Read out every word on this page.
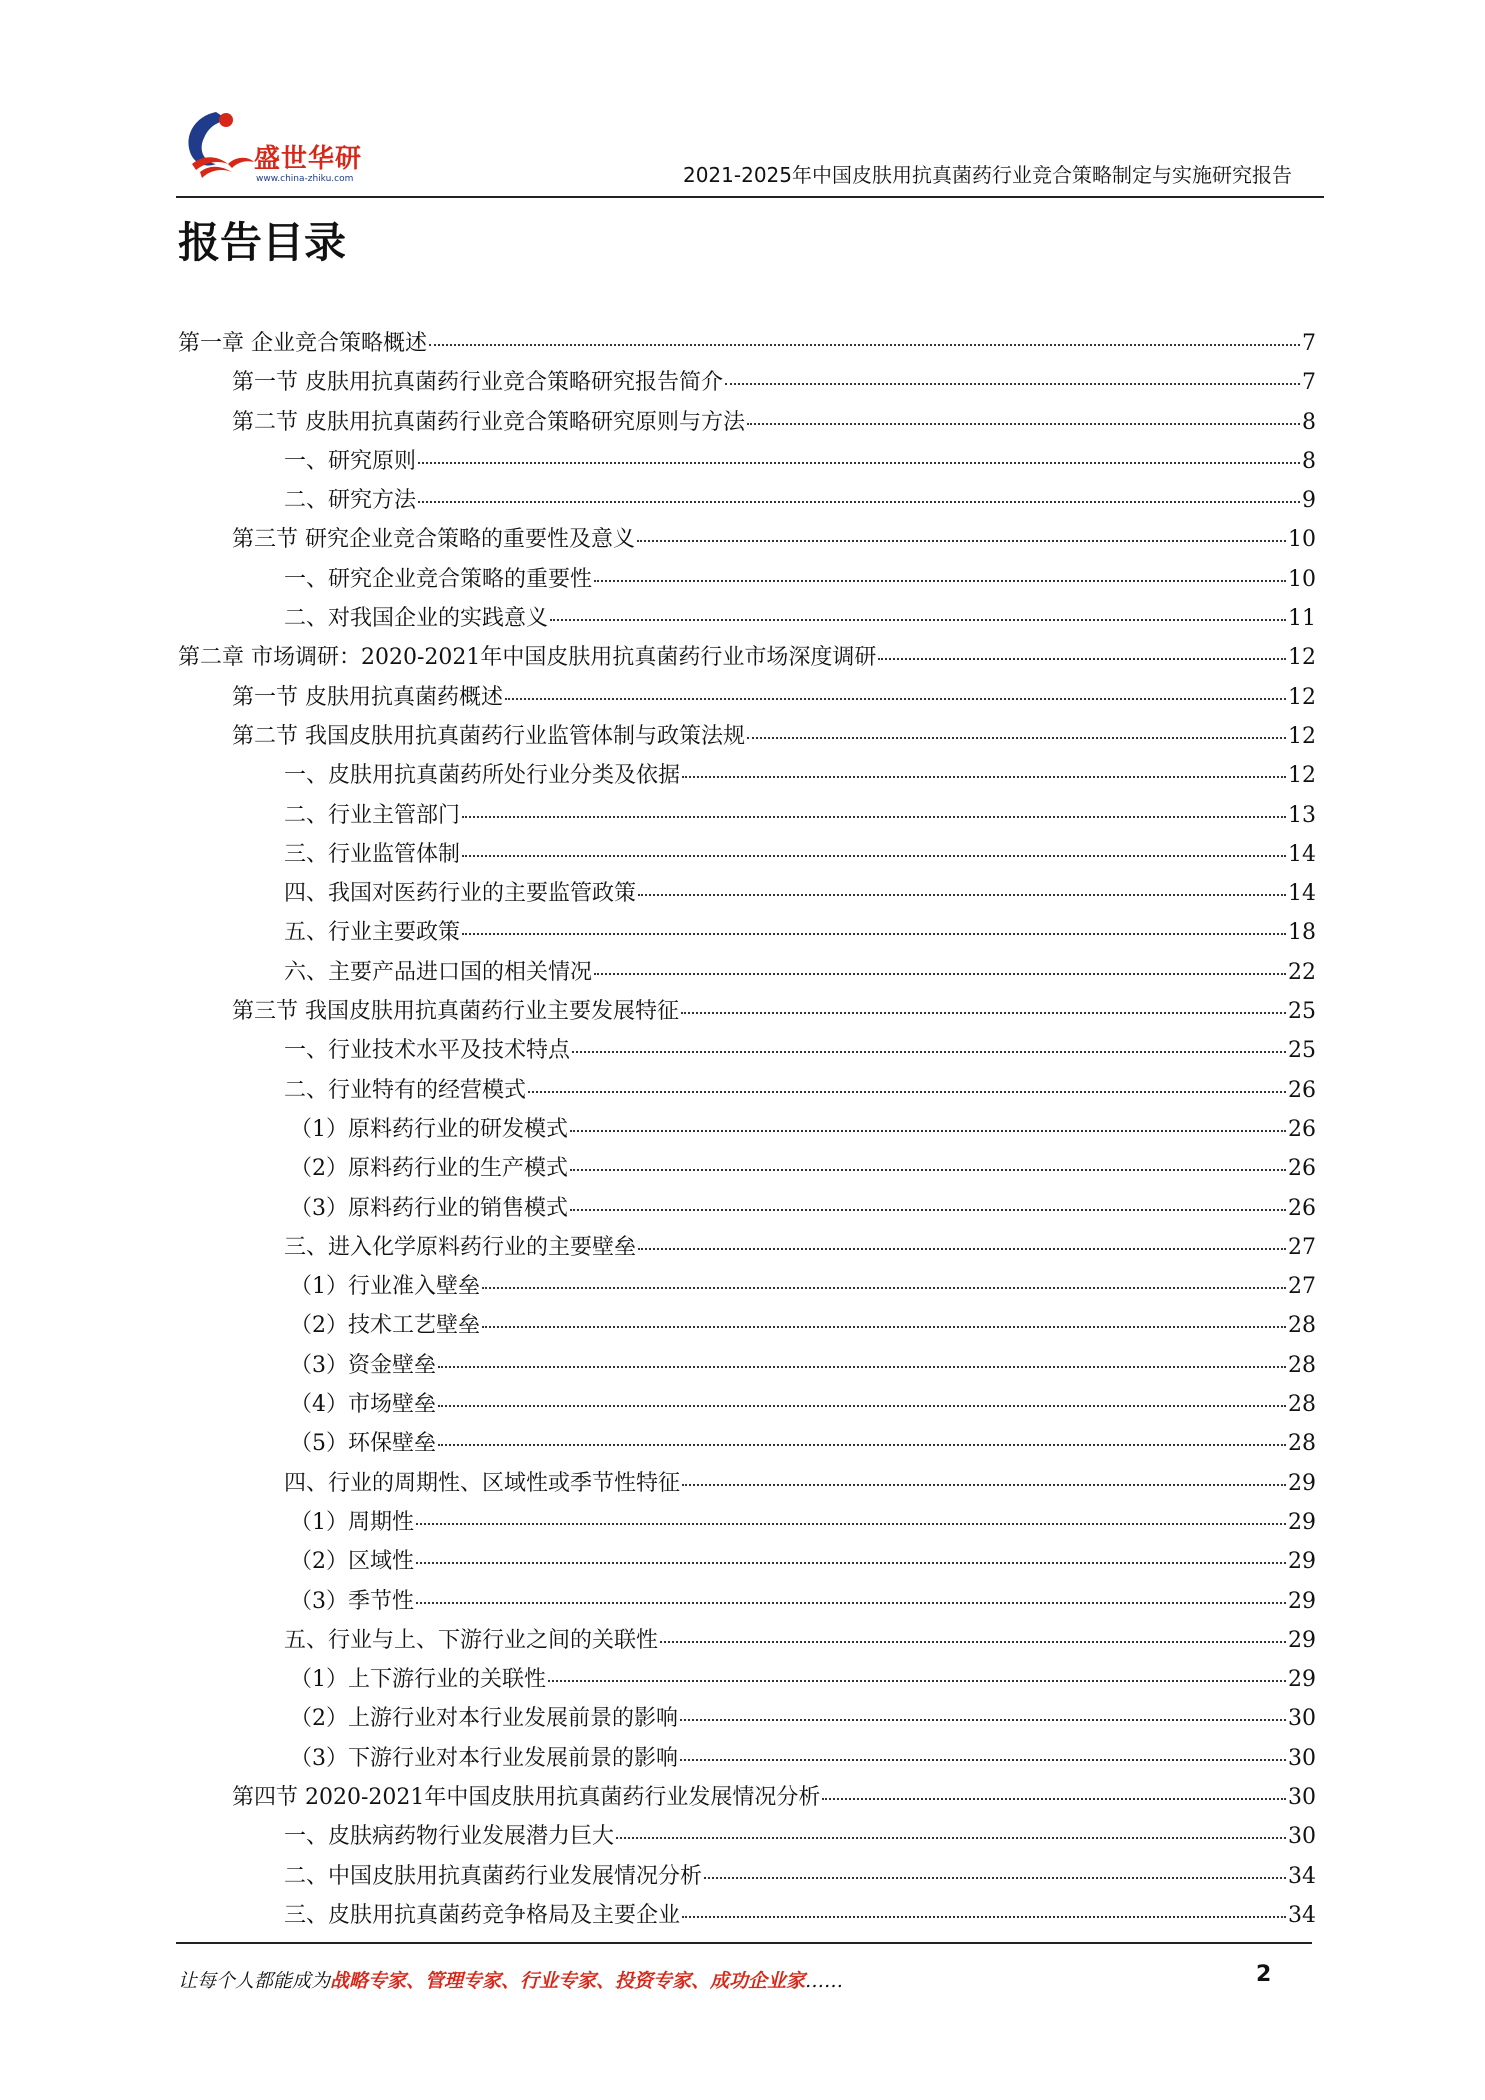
盛世华研
www.china-zhiku.com	2021-2025年中国皮肤用抗真菌药行业竞合策略制定与实施研究报告
报告目录
第一章 企业竞合策略概述	7
第一节 皮肤用抗真菌药行业竞合策略研究报告简介	7
第二节 皮肤用抗真菌药行业竞合策略研究原则与方法	8
一、研究原则	8
二、研究方法	9
第三节 研究企业竞合策略的重要性及意义	10
一、研究企业竞合策略的重要性	10
二、对我国企业的实践意义	11
第二章 市场调研：2020-2021年中国皮肤用抗真菌药行业市场深度调研	12
第一节 皮肤用抗真菌药概述	12
第二节 我国皮肤用抗真菌药行业监管体制与政策法规	12
一、皮肤用抗真菌药所处行业分类及依据	12
二、行业主管部门	13
三、行业监管体制	14
四、我国对医药行业的主要监管政策	14
五、行业主要政策	18
六、主要产品进口国的相关情况	22
第三节 我国皮肤用抗真菌药行业主要发展特征	25
一、行业技术水平及技术特点	25
二、行业特有的经营模式	26
（1）原料药行业的研发模式	26
（2）原料药行业的生产模式	26
（3）原料药行业的销售模式	26
三、进入化学原料药行业的主要壁垒	27
（1）行业准入壁垒	27
（2）技术工艺壁垒	28
（3）资金壁垒	28
（4）市场壁垒	28
（5）环保壁垒	28
四、行业的周期性、区域性或季节性特征	29
（1）周期性	29
（2）区域性	29
（3）季节性	29
五、行业与上、下游行业之间的关联性	29
（1）上下游行业的关联性	29
（2）上游行业对本行业发展前景的影响	30
（3）下游行业对本行业发展前景的影响	30
第四节 2020-2021年中国皮肤用抗真菌药行业发展情况分析	30
一、皮肤病药物行业发展潜力巨大	30
二、中国皮肤用抗真菌药行业发展情况分析	34
三、皮肤用抗真菌药竞争格局及主要企业	34
让每个人都能成为战略专家、管理专家、行业专家、投资专家、成功企业家……	2
